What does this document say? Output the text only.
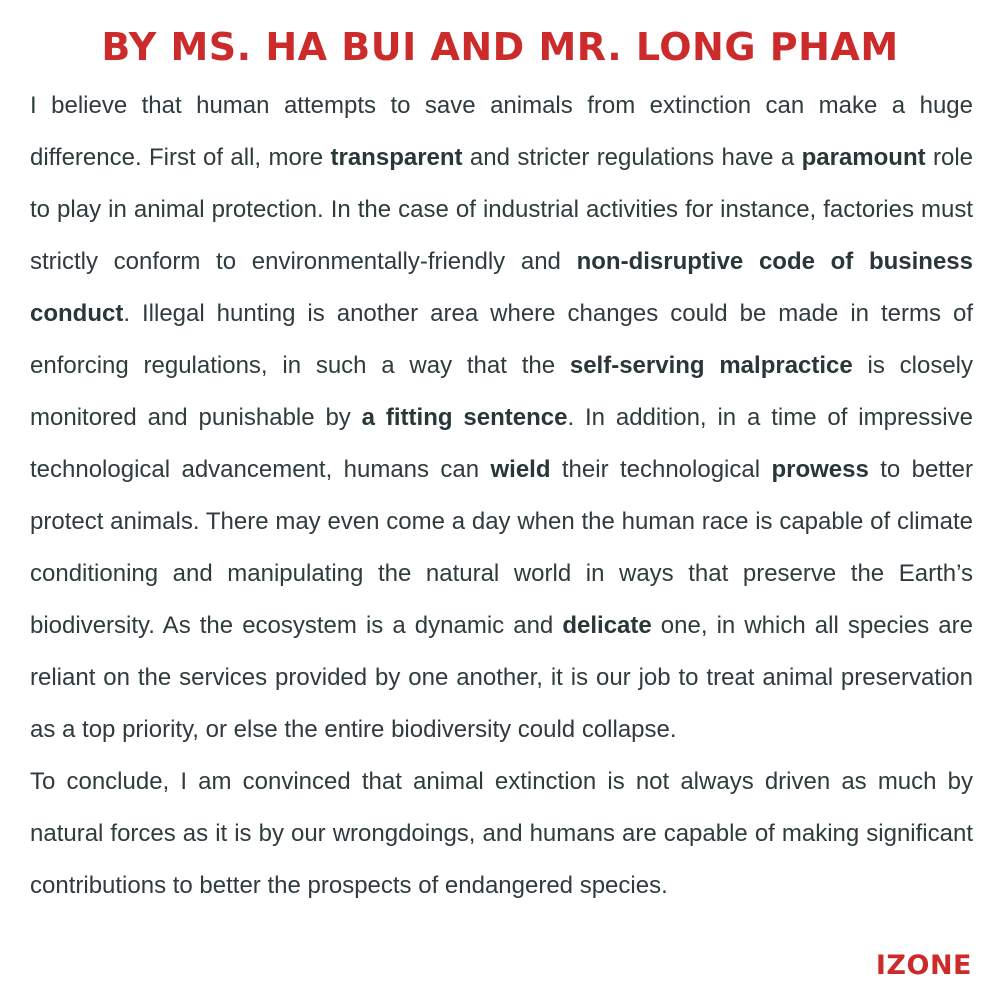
BY MS. HA BUI AND MR. LONG PHAM

I believe that human attempts to save animals from extinction can make a huge difference. First of all, more transparent and stricter regulations have a paramount role to play in animal protection. In the case of industrial activities for instance, factories must strictly conform to environmentally-friendly and non-disruptive code of business conduct. Illegal hunting is another area where changes could be made in terms of enforcing regulations, in such a way that the self-serving malpractice is closely monitored and punishable by a fitting sentence. In addition, in a time of impressive technological advancement, humans can wield their technological prowess to better protect animals. There may even come a day when the human race is capable of climate conditioning and manipulating the natural world in ways that preserve the Earth’s biodiversity. As the ecosystem is a dynamic and delicate one, in which all species are reliant on the services provided by one another, it is our job to treat animal preservation as a top priority, or else the entire biodiversity could collapse.

To conclude, I am convinced that animal extinction is not always driven as much by natural forces as it is by our wrongdoings, and humans are capable of making significant contributions to better the prospects of endangered species.

IZONE
